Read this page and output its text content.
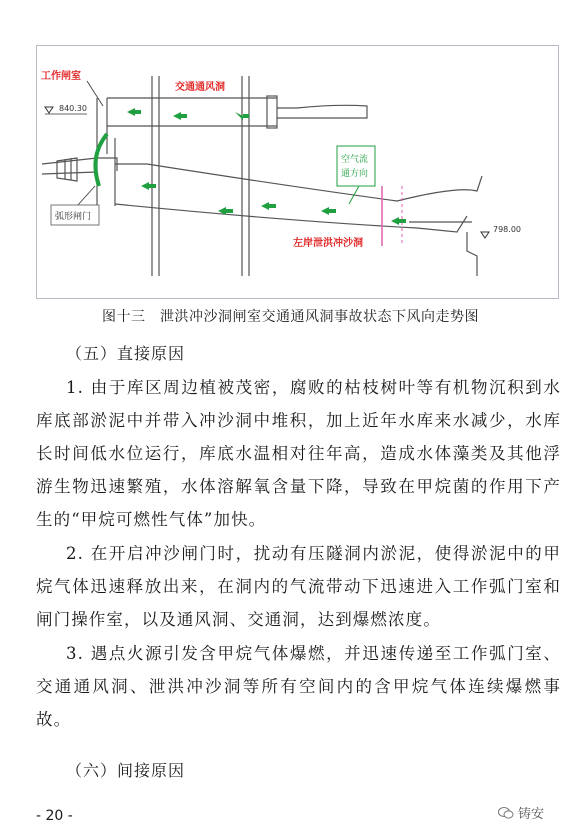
工作闸室
交通通风洞
840.30
空气流
通方向
弧形闸门
左岸泄洪冲沙洞
798.00
图十三　泄洪冲沙洞闸室交通通风洞事故状态下风向走势图
（五）直接原因
1. 由于库区周边植被茂密，腐败的枯枝树叶等有机物沉积到水库底部淤泥中并带入冲沙洞中堆积，加上近年水库来水减少，水库长时间低水位运行，库底水温相对往年高，造成水体藻类及其他浮游生物迅速繁殖，水体溶解氧含量下降，导致在甲烷菌的作用下产生的“甲烷可燃性气体”加快。
2. 在开启冲沙闸门时，扰动有压隧洞内淤泥，使得淤泥中的甲烷气体迅速释放出来，在洞内的气流带动下迅速进入工作弧门室和闸门操作室，以及通风洞、交通洞，达到爆燃浓度。
3. 遇点火源引发含甲烷气体爆燃，并迅速传递至工作弧门室、交通通风洞、泄洪冲沙洞等所有空间内的含甲烷气体连续爆燃事故。
（六）间接原因
- 20 -	铸安
